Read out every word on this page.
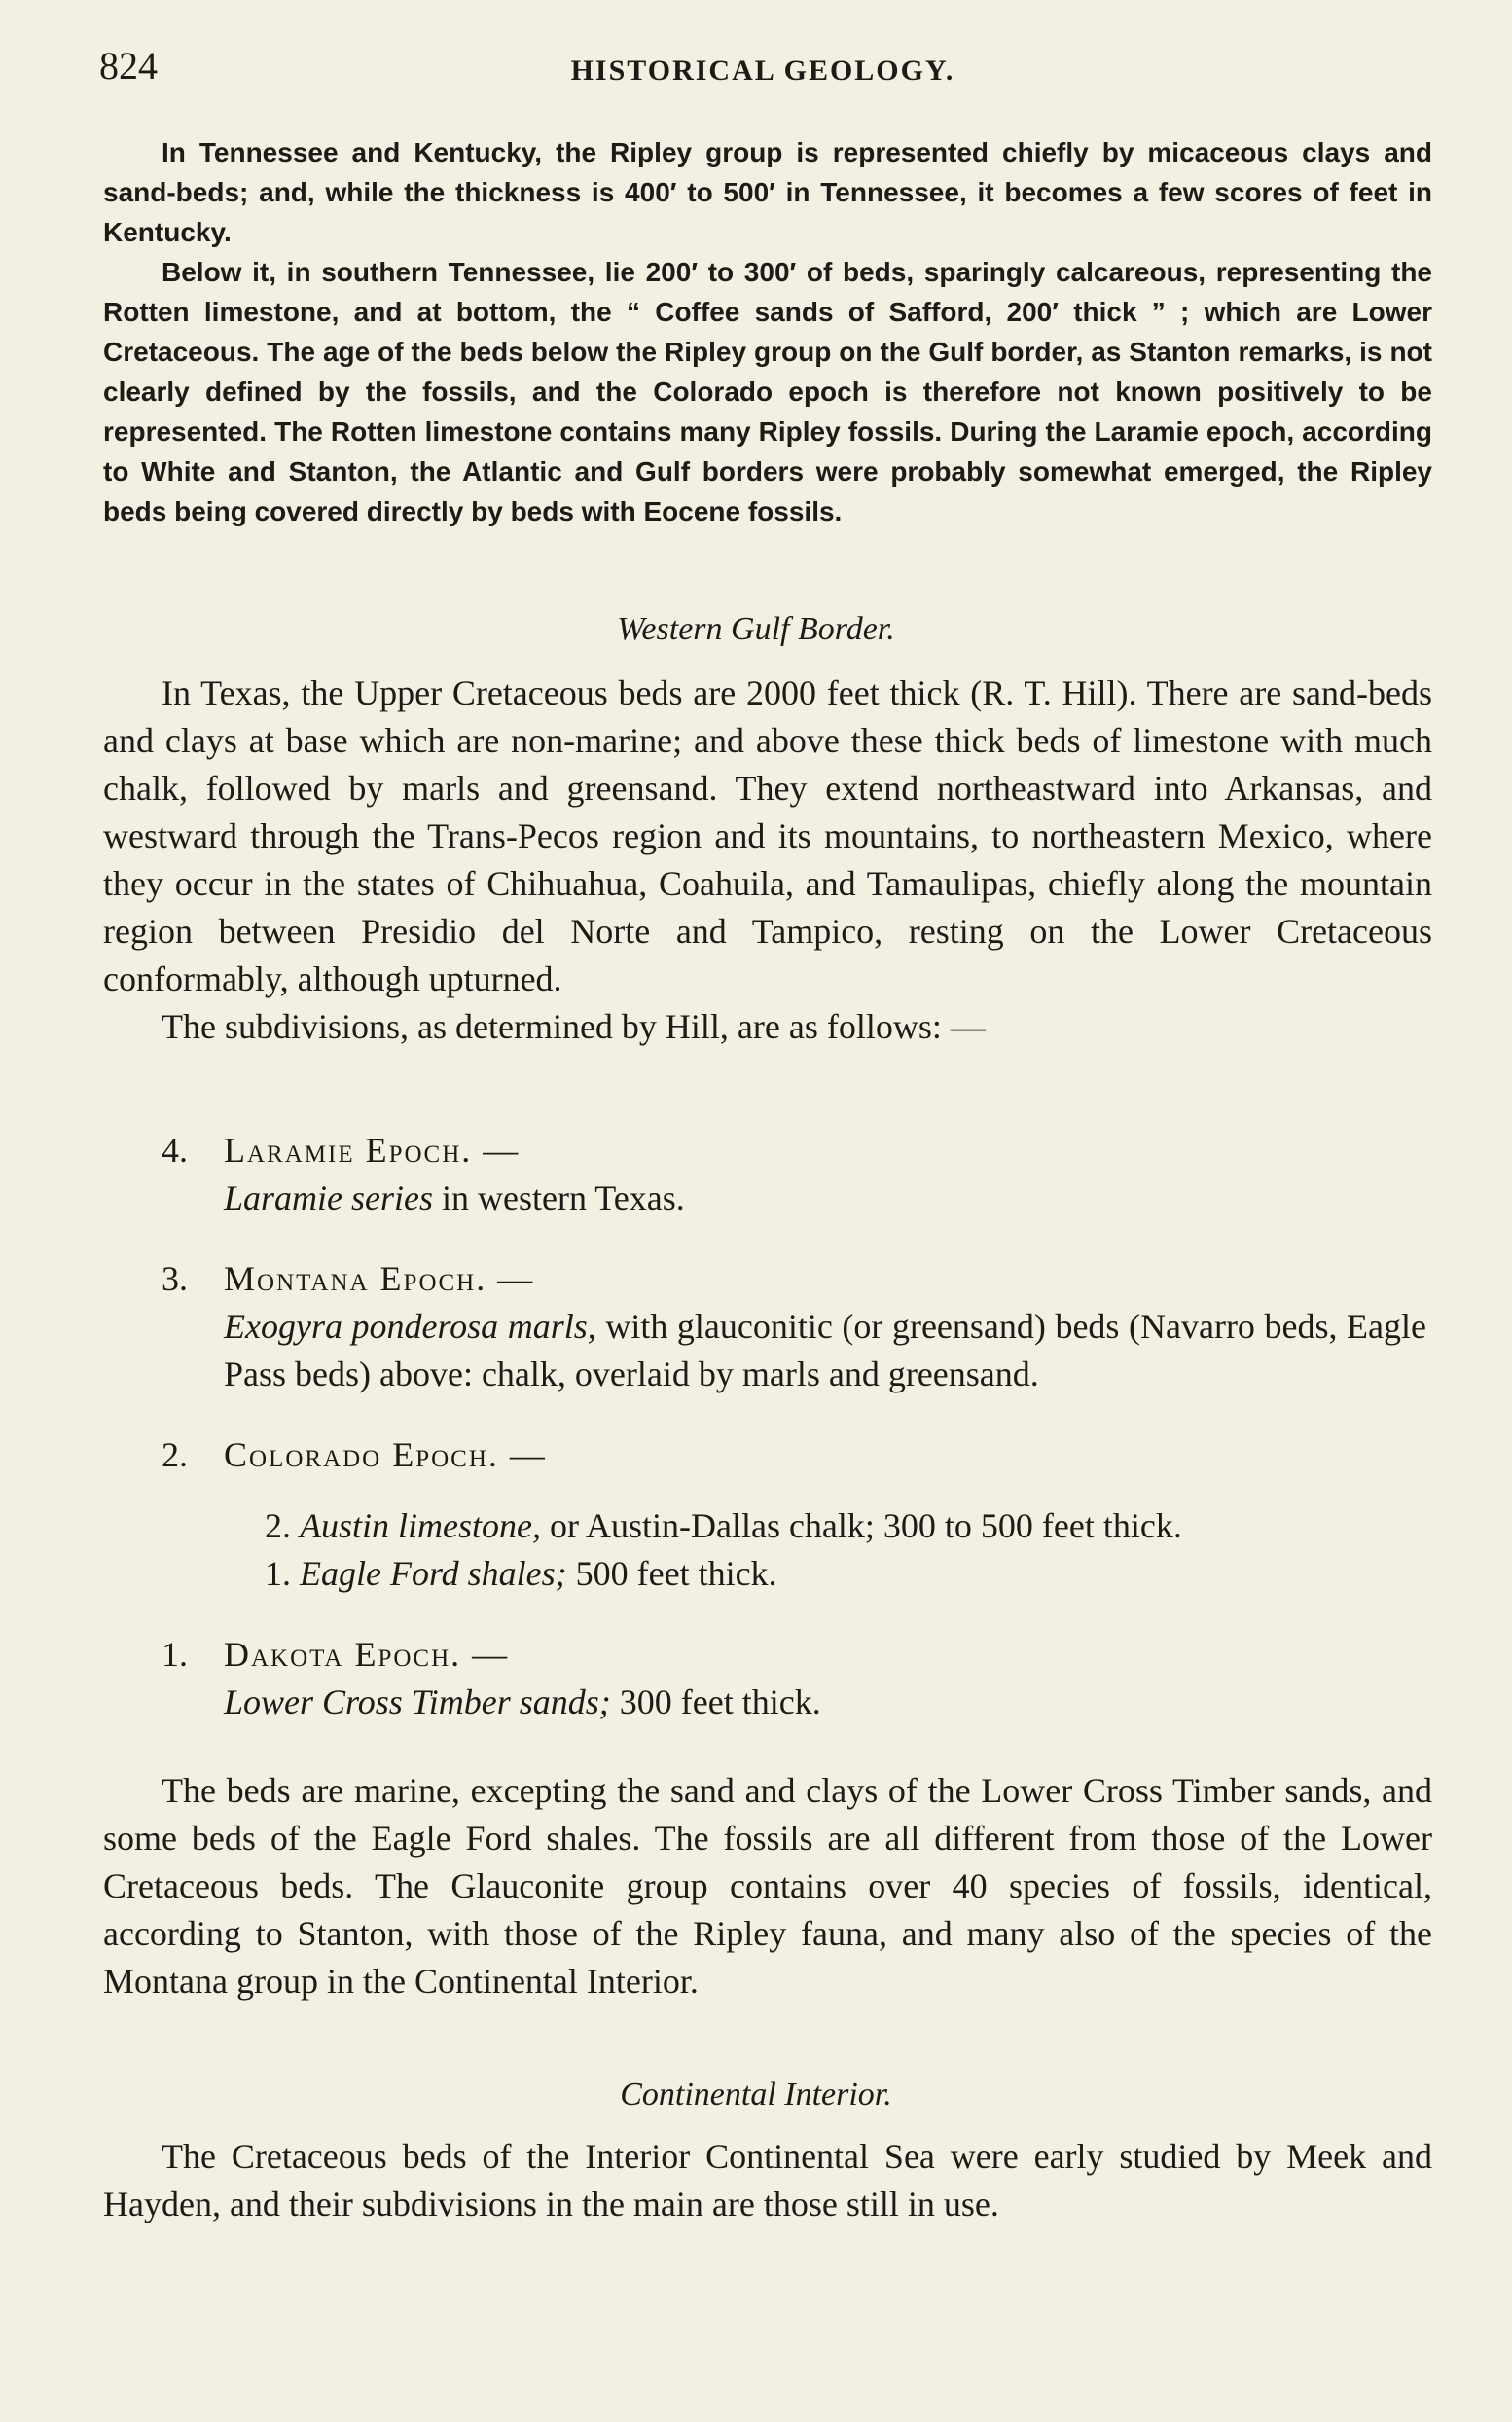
824	HISTORICAL GEOLOGY.

In Tennessee and Kentucky, the Ripley group is represented chiefly by micaceous clays and sand-beds; and, while the thickness is 400′ to 500′ in Tennessee, it becomes a few scores of feet in Kentucky.

Below it, in southern Tennessee, lie 200′ to 300′ of beds, sparingly calcareous, representing the Rotten limestone, and at bottom, the “ Coffee sands of Safford, 200′ thick ” ; which are Lower Cretaceous. The age of the beds below the Ripley group on the Gulf border, as Stanton remarks, is not clearly defined by the fossils, and the Colorado epoch is therefore not known positively to be represented. The Rotten limestone contains many Ripley fossils. During the Laramie epoch, according to White and Stanton, the Atlantic and Gulf borders were probably somewhat emerged, the Ripley beds being covered directly by beds with Eocene fossils.

Western Gulf Border.

In Texas, the Upper Cretaceous beds are 2000 feet thick (R. T. Hill). There are sand-beds and clays at base which are non-marine; and above these thick beds of limestone with much chalk, followed by marls and greensand. They extend northeastward into Arkansas, and westward through the Trans-Pecos region and its mountains, to northeastern Mexico, where they occur in the states of Chihuahua, Coahuila, and Tamaulipas, chiefly along the mountain region between Presidio del Norte and Tampico, resting on the Lower Cretaceous conformably, although upturned.

The subdivisions, as determined by Hill, are as follows: —

4. Laramie Epoch. —
Laramie series in western Texas.
3. Montana Epoch. —
Exogyra ponderosa marls, with glauconitic (or greensand) beds (Navarro beds, Eagle Pass beds) above: chalk, overlaid by marls and greensand.
2. Colorado Epoch. —
2. Austin limestone, or Austin-Dallas chalk; 300 to 500 feet thick.
1. Eagle Ford shales; 500 feet thick.
1. Dakota Epoch. —
Lower Cross Timber sands; 300 feet thick.

The beds are marine, excepting the sand and clays of the Lower Cross Timber sands, and some beds of the Eagle Ford shales. The fossils are all different from those of the Lower Cretaceous beds. The Glauconite group contains over 40 species of fossils, identical, according to Stanton, with those of the Ripley fauna, and many also of the species of the Montana group in the Continental Interior.

Continental Interior.

The Cretaceous beds of the Interior Continental Sea were early studied by Meek and Hayden, and their subdivisions in the main are those still in use.
